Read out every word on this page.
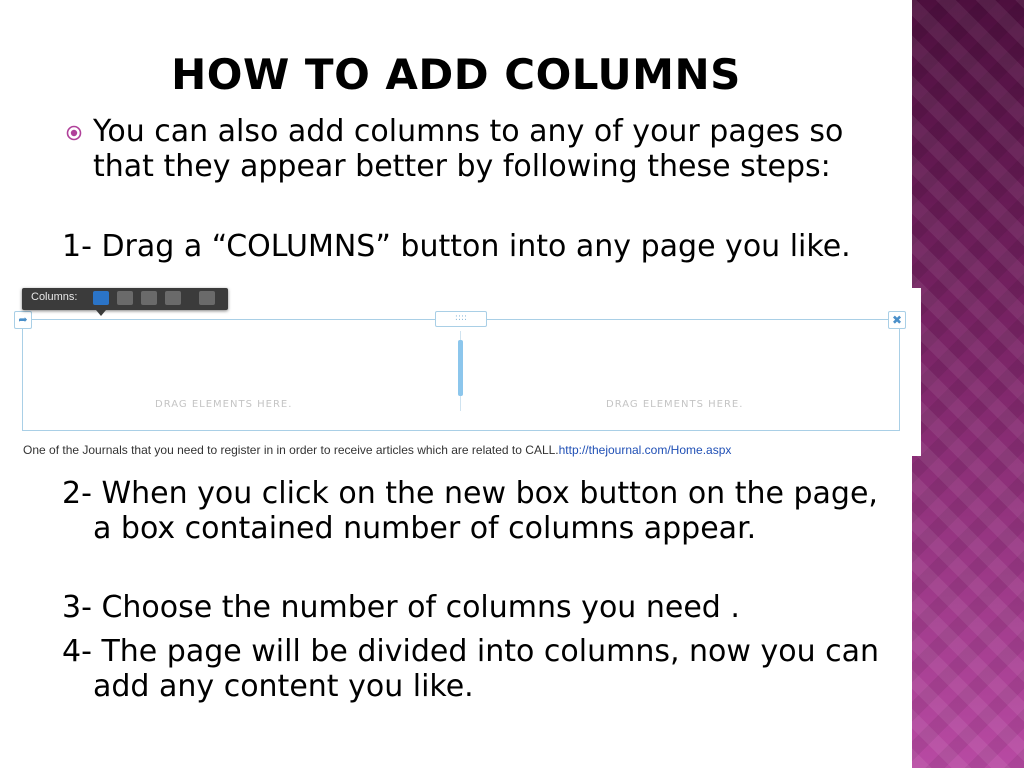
HOW TO ADD COLUMNS
You can also add columns to any of your pages so that they appear better by following these steps:
1- Drag a “COLUMNS” button into any page you like.
DRAG ELEMENTS HERE.	DRAG ELEMENTS HERE.
➦	::::	✖
Columns:
One of the Journals that you need to register in in order to receive articles which are related to CALL.http://thejournal.com/Home.aspx
2- When you click on the new box button on the page, a box contained number of columns appear.
3- Choose the number of columns you need .
4- The page will be divided into columns, now you can add any content you like.
